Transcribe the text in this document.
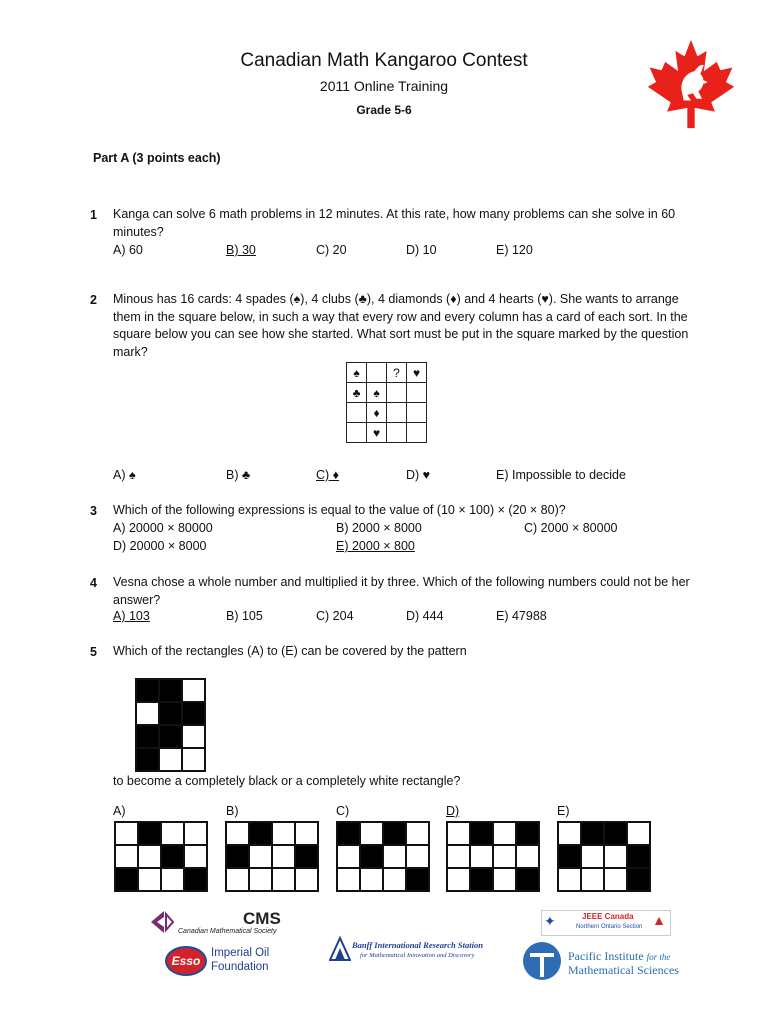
Canadian Math Kangaroo Contest
2011 Online Training
Grade 5-6
Part A (3 points each)
1 Kanga can solve 6 math problems in 12 minutes. At this rate, how many problems can she solve in 60 minutes?
A) 60	B) 30	C) 20	D) 10	E) 120
2 Minous has 16 cards: 4 spades (♠), 4 clubs (♣), 4 diamonds (♦) and 4 hearts (♥). She wants to arrange them in the square below, in such a way that every row and every column has a card of each sort. In the square below you can see how she started. What sort must be put in the square marked by the question mark?
♠		?	♥
♣	♠		
	♦		
	♥		
A) ♠	B) ♣	C) ♦	D) ♥	E) Impossible to decide
3 Which of the following expressions is equal to the value of (10 × 100) × (20 × 80)?
A) 20000 × 80000	B) 2000 × 8000	C) 2000 × 80000
D) 20000 × 8000	E) 2000 × 800
4 Vesna chose a whole number and multiplied it by three. Which of the following numbers could not be her answer?
A) 103	B) 105	C) 204	D) 444	E) 47988
5 Which of the rectangles (A) to (E) can be covered by the pattern
to become a completely black or a completely white rectangle?
A)	B)	C)	D)	E)
CMS
Canadian Mathematical Society
✦	JEEE Canada
Northern Ontario Section ▲
Esso
Imperial Oil
Foundation
Banff International Research Station
for Mathematical Innovation and Discovery	Pacific Institute for the
Mathematical Sciences
